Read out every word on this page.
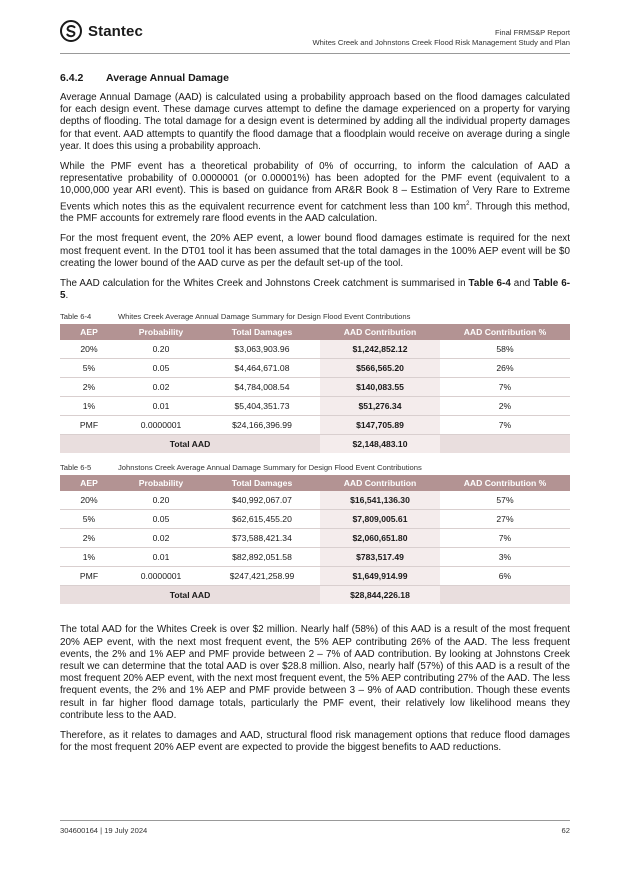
Stantec	Final FRMS&P Report
Whites Creek and Johnstons Creek Flood Risk Management Study and Plan
6.4.2 Average Annual Damage

Average Annual Damage (AAD) is calculated using a probability approach based on the flood damages calculated for each design event. These damage curves attempt to define the damage experienced on a property for varying depths of flooding. The total damage for a design event is determined by adding all the individual property damages for that event. AAD attempts to quantify the flood damage that a floodplain would receive on average during a single year. It does this using a probability approach.

While the PMF event has a theoretical probability of 0% of occurring, to inform the calculation of AAD a representative probability of 0.0000001 (or 0.00001%) has been adopted for the PMF event (equivalent to a 10,000,000 year ARI event). This is based on guidance from AR&R Book 8 – Estimation of Very Rare to Extreme Events which notes this as the equivalent recurrence event for catchment less than 100 $km^2$. Through this method, the PMF accounts for extremely rare flood events in the AAD calculation.

For the most frequent event, the 20% AEP event, a lower bound flood damages estimate is required for the next most frequent event. In the DT01 tool it has been assumed that the total damages in the 100% AEP event will be $0 creating the lower bound of the AAD curve as per the default set-up of the tool.

The AAD calculation for the Whites Creek and Johnstons Creek catchment is summarised in Table 6-4 and Table 6-5.

Table 6-4	Whites Creek Average Annual Damage Summary for Design Flood Event Contributions
AEP	Probability	Total Damages	AAD Contribution	AAD Contribution %
20%	0.20	$3,063,903.96	$1,242,852.12	58%
5%	0.05	$4,464,671.08	$566,565.20	26%
2%	0.02	$4,784,008.54	$140,083.55	7%
1%	0.01	$5,404,351.73	$51,276.34	2%
PMF	0.0000001	$24,166,396.99	$147,705.89	7%
Total AAD			$2,148,483.10	
Table 6-5	Johnstons Creek Average Annual Damage Summary for Design Flood Event Contributions
AEP	Probability	Total Damages	AAD Contribution	AAD Contribution %
20%	0.20	$40,992,067.07	$16,541,136.30	57%
5%	0.05	$62,615,455.20	$7,809,005.61	27%
2%	0.02	$73,588,421.34	$2,060,651.80	7%
1%	0.01	$82,892,051.58	$783,517.49	3%
PMF	0.0000001	$247,421,258.99	$1,649,914.99	6%
Total AAD			$28,844,226.18	

The total AAD for the Whites Creek is over $2 million. Nearly half (58%) of this AAD is a result of the most frequent 20% AEP event, with the next most frequent event, the 5% AEP contributing 26% of the AAD. The less frequent events, the 2% and 1% AEP and PMF provide between 2 – 7% of AAD contribution. By looking at Johnstons Creek result we can determine that the total AAD is over $28.8 million. Also, nearly half (57%) of this AAD is a result of the most frequent 20% AEP event, with the next most frequent event, the 5% AEP contributing 27% of the AAD. The less frequent events, the 2% and 1% AEP and PMF provide between 3 – 9% of AAD contribution. Though these events result in far higher flood damage totals, particularly the PMF event, their relatively low likelihood means they contribute less to the AAD.

Therefore, as it relates to damages and AAD, structural flood risk management options that reduce flood damages for the most frequent 20% AEP event are expected to provide the biggest benefits to AAD reductions.

304600164 | 19 July 2024	62
